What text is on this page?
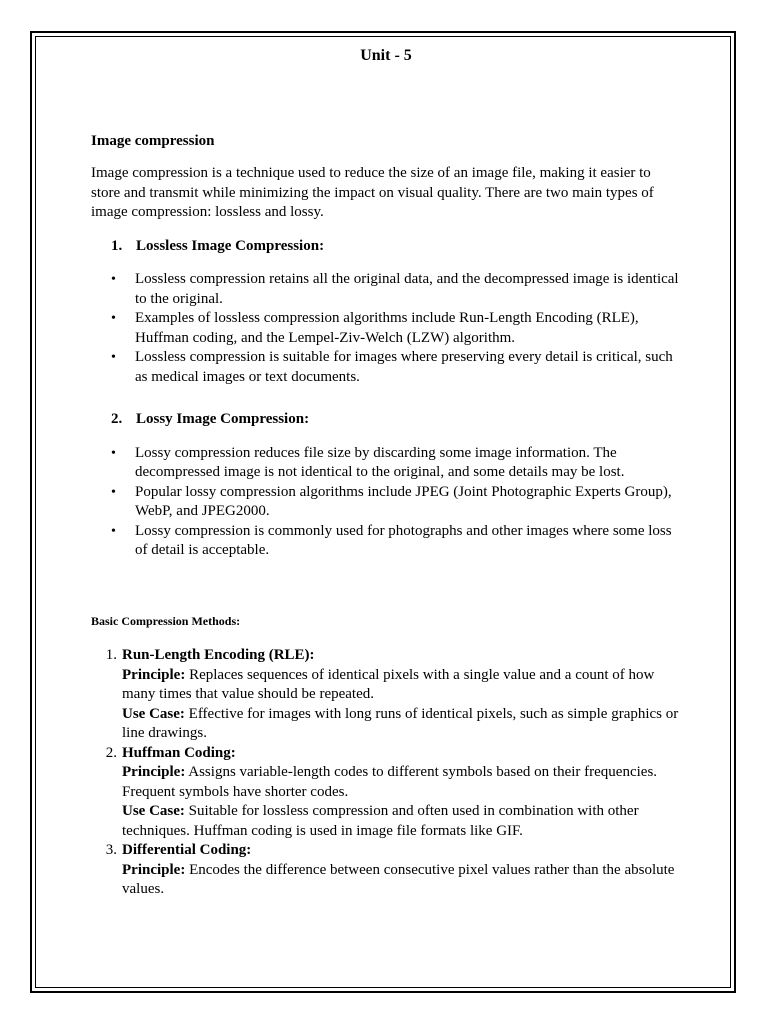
Unit - 5
Image compression
Image compression is a technique used to reduce the size of an image file, making it easier to store and transmit while minimizing the impact on visual quality. There are two main types of image compression: lossless and lossy.
1. Lossless Image Compression:
•	Lossless compression retains all the original data, and the decompressed image is identical to the original.
•	Examples of lossless compression algorithms include Run-Length Encoding (RLE), Huffman coding, and the Lempel-Ziv-Welch (LZW) algorithm.
•	Lossless compression is suitable for images where preserving every detail is critical, such as medical images or text documents.
2. Lossy Image Compression:
•	Lossy compression reduces file size by discarding some image information. The decompressed image is not identical to the original, and some details may be lost.
•	Popular lossy compression algorithms include JPEG (Joint Photographic Experts Group), WebP, and JPEG2000.
•	Lossy compression is commonly used for photographs and other images where some loss of detail is acceptable.
Basic Compression Methods:
1. Run-Length Encoding (RLE):
Principle: Replaces sequences of identical pixels with a single value and a count of how many times that value should be repeated.
Use Case: Effective for images with long runs of identical pixels, such as simple graphics or line drawings.
2. Huffman Coding:
Principle: Assigns variable-length codes to different symbols based on their frequencies. Frequent symbols have shorter codes.
Use Case: Suitable for lossless compression and often used in combination with other techniques. Huffman coding is used in image file formats like GIF.
3. Differential Coding:
Principle: Encodes the difference between consecutive pixel values rather than the absolute values.
